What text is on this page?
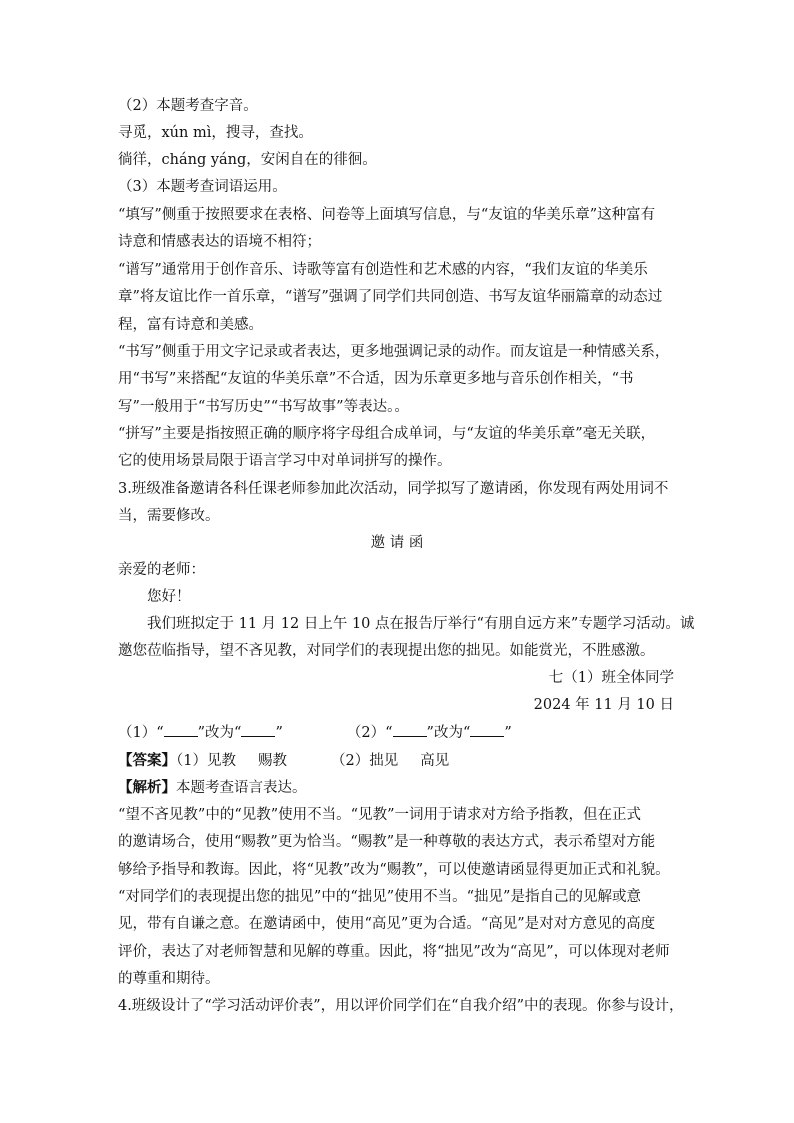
（2）本题考查字音。
寻觅，xún mì，搜寻，查找。
徜徉，cháng yáng，安闲自在的徘徊。
（3）本题考查词语运用。
“填写”侧重于按照要求在表格、问卷等上面填写信息，与“友谊的华美乐章”这种富有
诗意和情感表达的语境不相符；
“谱写”通常用于创作音乐、诗歌等富有创造性和艺术感的内容，“我们友谊的华美乐
章”将友谊比作一首乐章，“谱写”强调了同学们共同创造、书写友谊华丽篇章的动态过
程，富有诗意和美感。
“书写”侧重于用文字记录或者表达，更多地强调记录的动作。而友谊是一种情感关系，
用“书写”来搭配“友谊的华美乐章”不合适，因为乐章更多地与音乐创作相关，“书
写”一般用于“书写历史”“书写故事”等表达。。
“拼写”主要是指按照正确的顺序将字母组合成单词，与“友谊的华美乐章”毫无关联，
它的使用场景局限于语言学习中对单词拼写的操作。
3.班级准备邀请各科任课老师参加此次活动，同学拟写了邀请函，你发现有两处用词不
当，需要修改。
邀 请 函
亲爱的老师：
您好！
我们班拟定于 11 月 12 日上午 10 点在报告厅举行“有朋自远方来”专题学习活动。诚
邀您莅临指导，望不吝见教，对同学们的表现提出您的拙见。如能赏光，不胜感激。
七（1）班全体同学
2024 年 11 月 10 日
（1）“ ”改为“ ”	（2）“ ”改为“ ”
【答案】（1）见教 赐教	（2）拙见 高见
【解析】本题考查语言表达。
“望不吝见教”中的“见教”使用不当。“见教”一词用于请求对方给予指教，但在正式
的邀请场合，使用“赐教”更为恰当。“赐教”是一种尊敬的表达方式，表示希望对方能
够给予指导和教诲。因此，将“见教”改为“赐教”，可以使邀请函显得更加正式和礼貌。
“对同学们的表现提出您的拙见”中的“拙见”使用不当。“拙见”是指自己的见解或意
见，带有自谦之意。在邀请函中，使用“高见”更为合适。“高见”是对对方意见的高度
评价，表达了对老师智慧和见解的尊重。因此，将“拙见”改为“高见”，可以体现对老师
的尊重和期待。
4.班级设计了“学习活动评价表”，用以评价同学们在“自我介绍”中的表现。你参与设计，
